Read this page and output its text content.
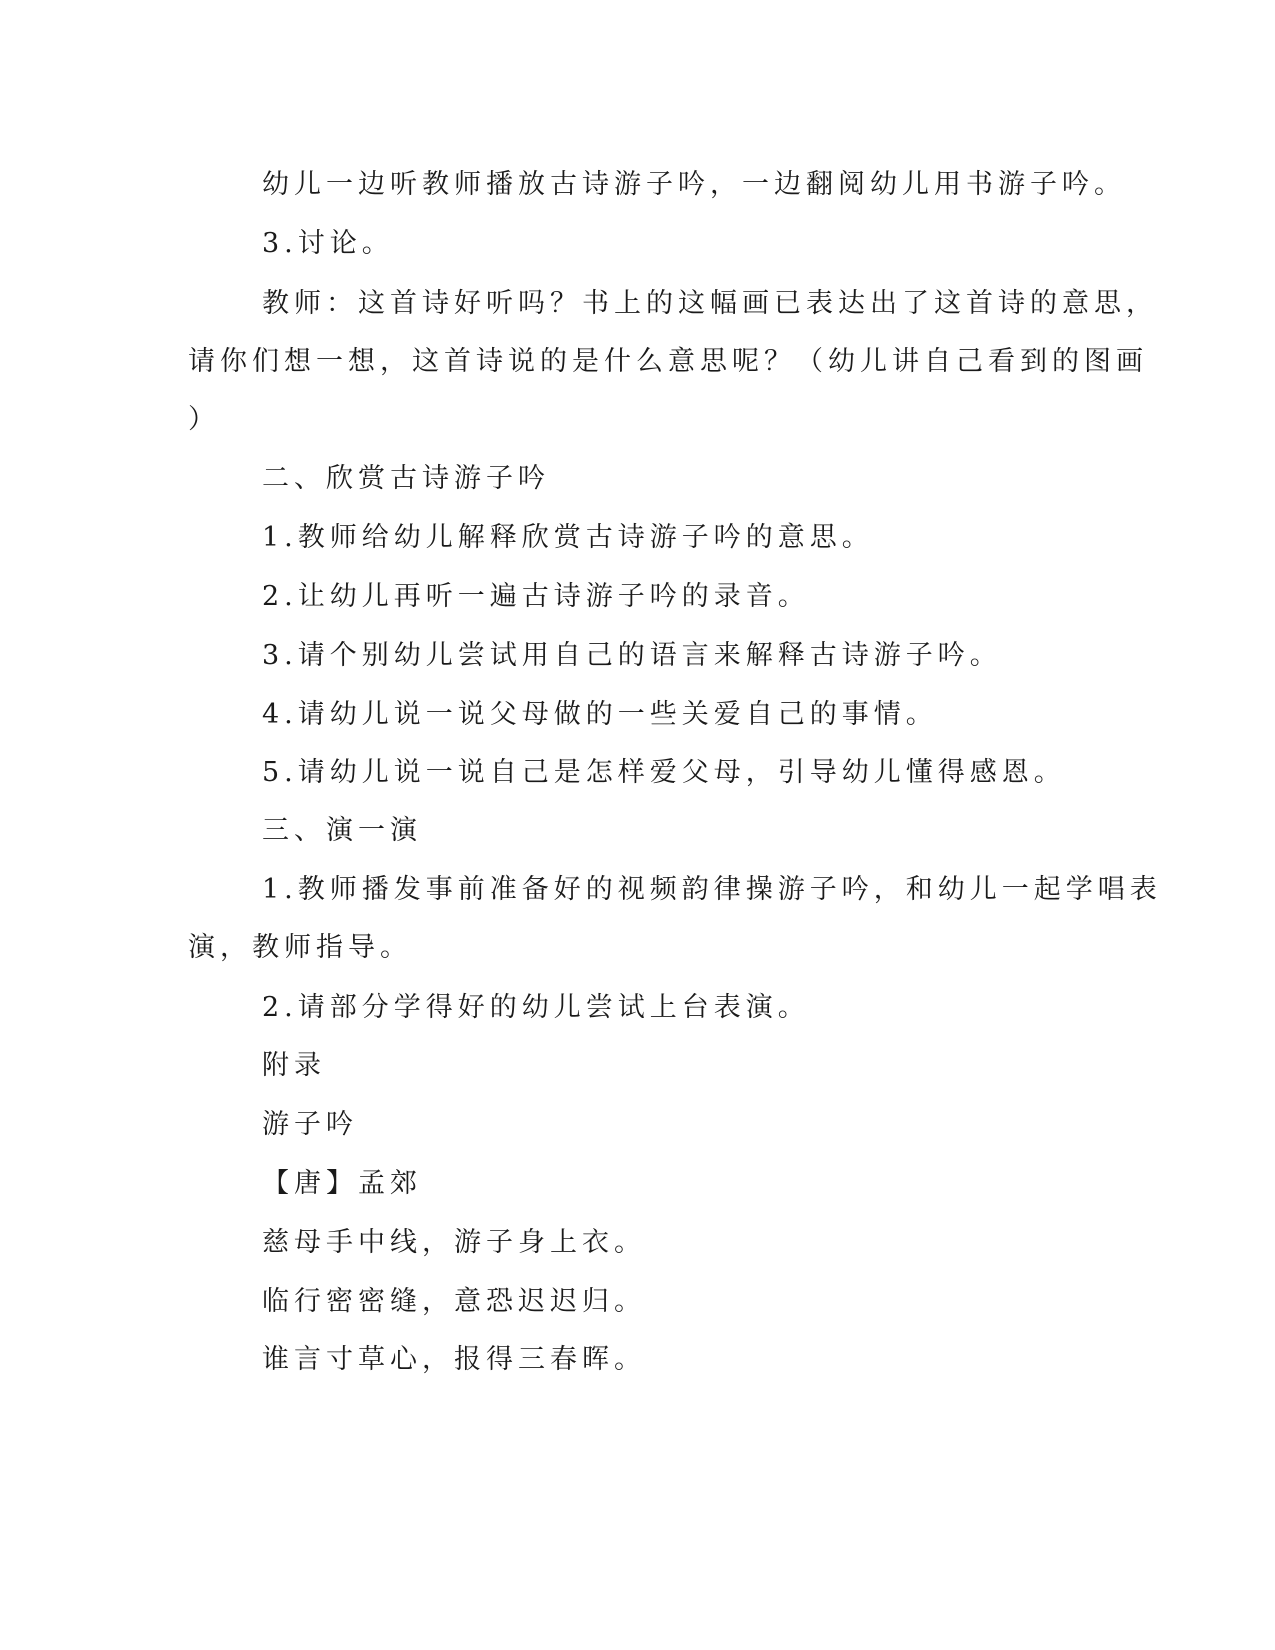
幼儿一边听教师播放古诗游子吟，一边翻阅幼儿用书游子吟。

3.讨论。

教师：这首诗好听吗？书上的这幅画已表达出了这首诗的意思，

请你们想一想，这首诗说的是什么意思呢？（幼儿讲自己看到的图画

）

二、欣赏古诗游子吟

1.教师给幼儿解释欣赏古诗游子吟的意思。

2.让幼儿再听一遍古诗游子吟的录音。

3.请个别幼儿尝试用自己的语言来解释古诗游子吟。

4.请幼儿说一说父母做的一些关爱自己的事情。

5.请幼儿说一说自己是怎样爱父母，引导幼儿懂得感恩。

三、演一演

1.教师播发事前准备好的视频韵律操游子吟，和幼儿一起学唱表

演，教师指导。

2.请部分学得好的幼儿尝试上台表演。

附录

游子吟

【唐】孟郊

慈母手中线，游子身上衣。

临行密密缝，意恐迟迟归。

谁言寸草心，报得三春晖。
